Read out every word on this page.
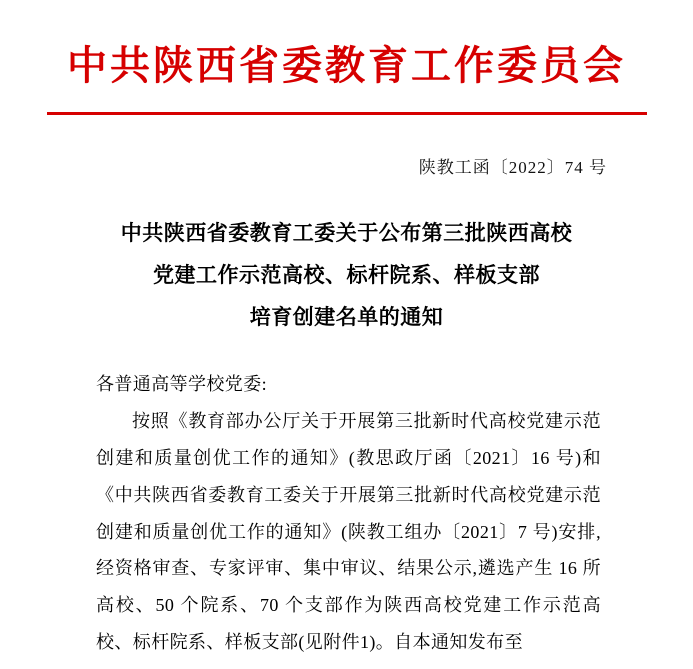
中共陕西省委教育工作委员会
陕教工函〔2022〕74 号
中共陕西省委教育工委关于公布第三批陕西高校
党建工作示范高校、标杆院系、样板支部
培育创建名单的通知

各普通高等学校党委:

按照《教育部办公厅关于开展第三批新时代高校党建示范创建和质量创优工作的通知》(教思政厅函〔2021〕16 号)和《中共陕西省委教育工委关于开展第三批新时代高校党建示范创建和质量创优工作的通知》(陕教工组办〔2021〕7 号)安排,经资格审查、专家评审、集中审议、结果公示,遴选产生 16 所高校、50 个院系、70 个支部作为陕西高校党建工作示范高校、标杆院系、样板支部(见附件1)。自本通知发布至
